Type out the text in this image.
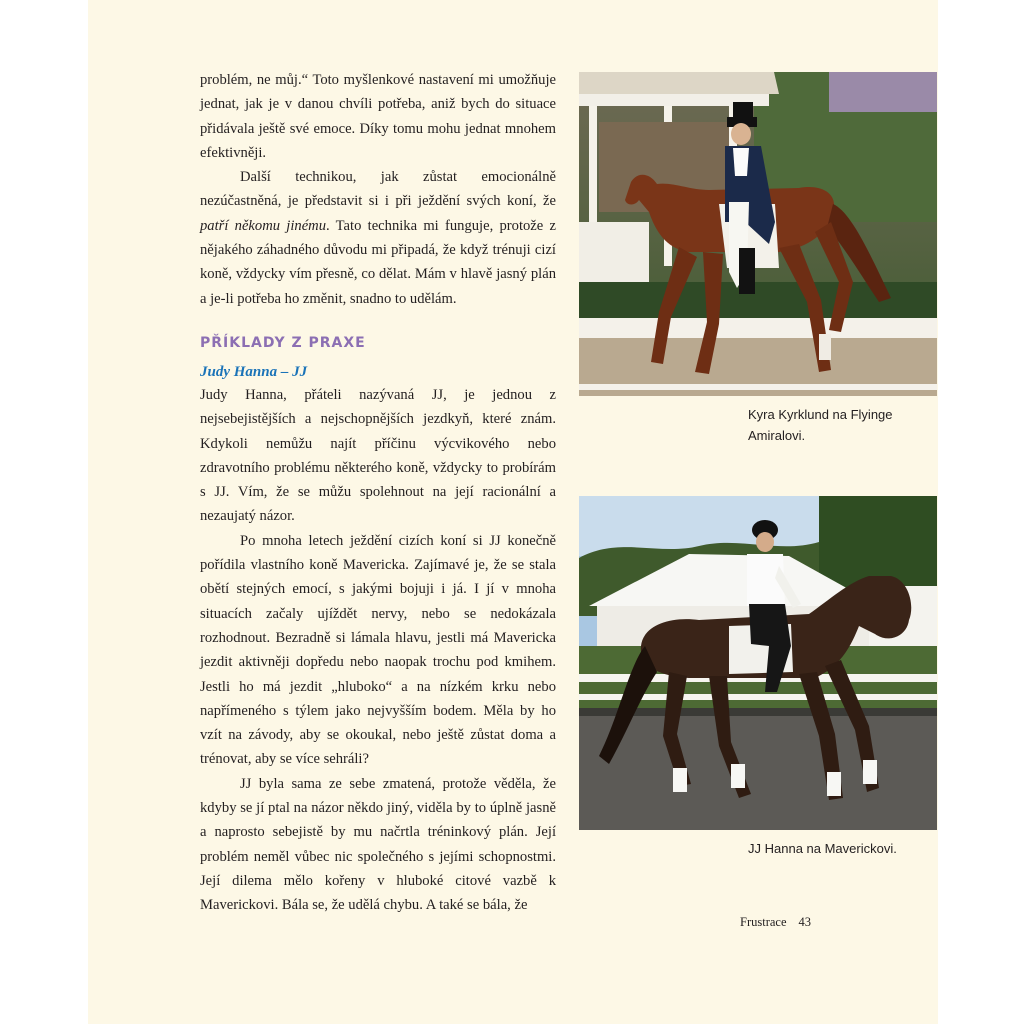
problém, ne můj.“ Toto myšlenkové nastavení mi umožňuje jednat, jak je v danou chvíli potřeba, aniž bych do situace přidávala ještě své emoce. Díky tomu mohu jednat mnohem efektivněji.

Další technikou, jak zůstat emocionálně nezúčastněná, je představit si i při ježdění svých koní, že patří někomu jinému. Tato technika mi funguje, protože z nějakého záhadného důvodu mi připadá, že když trénuji cizí koně, vždycky vím přesně, co dělat. Mám v hlavě jasný plán a je-li potřeba ho změnit, snadno to udělám.

PŘÍKLADY Z PRAXE
Judy Hanna – JJ

Judy Hanna, přáteli nazývaná JJ, je jednou z nejsebejistějších a nejschopnějších jezdkyň, které znám. Kdykoli nemůžu najít příčinu výcvikového nebo zdravotního problému některého koně, vždycky to probírám s JJ. Vím, že se můžu spolehnout na její racionální a nezaujatý názor.

Po mnoha letech ježdění cizích koní si JJ konečně pořídila vlastního koně Mavericka. Zajímavé je, že se stala obětí stejných emocí, s jakými bojuji i já. I jí v mnoha situacích začaly ujíždět nervy, nebo se nedokázala rozhodnout. Bezradně si lámala hlavu, jestli má Mavericka jezdit aktivněji dopředu nebo naopak trochu pod kmihem. Jestli ho má jezdit „hluboko“ a na nízkém krku nebo napřímeného s týlem jako nejvyšším bodem. Měla by ho vzít na závody, aby se okoukal, nebo ještě zůstat doma a trénovat, aby se více sehráli?

JJ byla sama ze sebe zmatená, protože věděla, že kdyby se jí ptal na názor někdo jiný, viděla by to úplně jasně a naprosto sebejistě by mu načrtla tréninkový plán. Její problém neměl vůbec nic společného s jejími schopnostmi. Její dilema mělo kořeny v hluboké citové vazbě k Maverickovi. Bála se, že udělá chybu. A také se bála, že

Kyra Kyrklund na Flyinge Amiralovi.
JJ Hanna na Maverickovi.
Frustrace 43
